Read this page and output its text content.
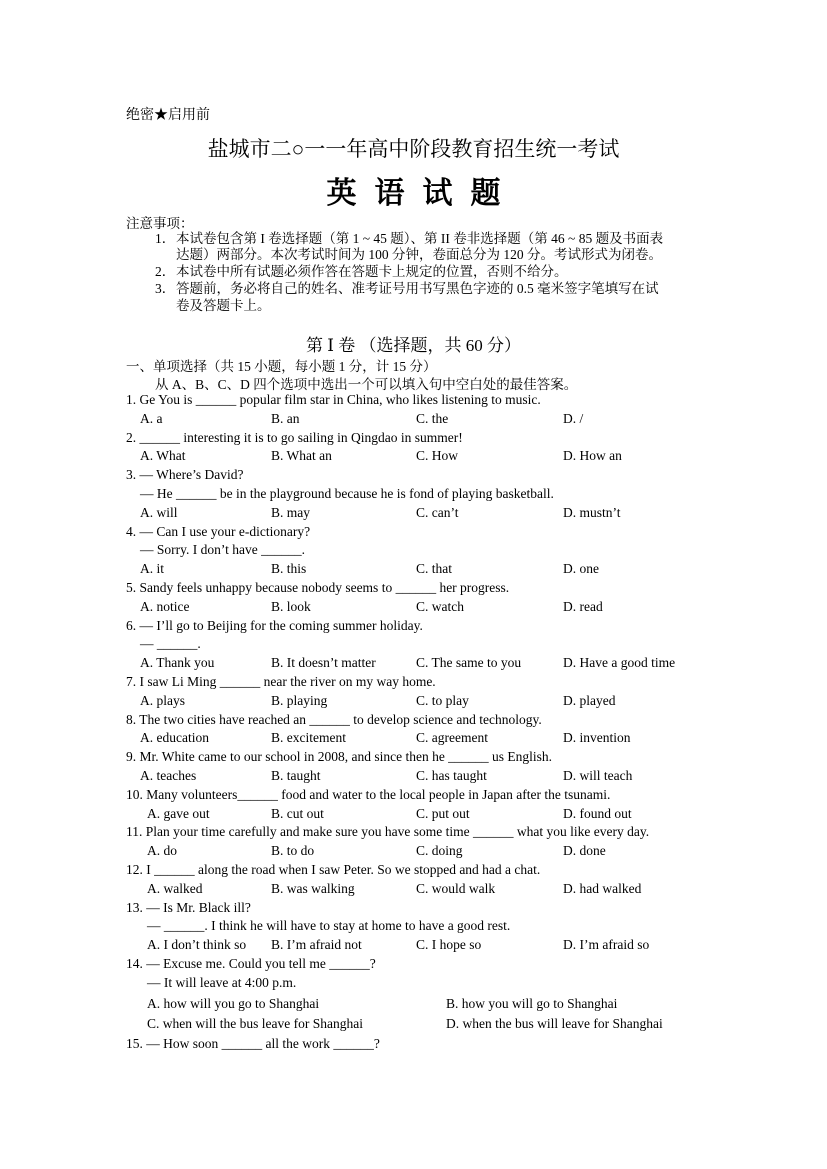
绝密★启用前
盐城市二○一一年高中阶段教育招生统一考试
英语试题
注意事项：
1． 本试卷包含第 I 卷选择题（第 1 ~ 45 题）、第 II 卷非选择题（第 46 ~ 85 题及书面表
达题）两部分。本次考试时间为 100 分钟，卷面总分为 120 分。考试形式为闭卷。
2． 本试卷中所有试题必须作答在答题卡上规定的位置，否则不给分。
3． 答题前，务必将自己的姓名、准考证号用书写黑色字迹的 0.5 毫米签字笔填写在试
卷及答题卡上。
第 Ⅰ 卷 （选择题，共 60 分）
一、单项选择（共 15 小题，每小题 1 分，计 15 分）
从 A、B、C、D 四个选项中选出一个可以填入句中空白处的最佳答案。
1. Ge You is ______ popular film star in China, who likes listening to music.
A. a	B. an	C. the	D. /
2. ______ interesting it is to go sailing in Qingdao in summer!
A. What	B. What an	C. How	D. How an
3. — Where’s David?
— He ______ be in the playground because he is fond of playing basketball.
A. will	B. may	C. can’t	D. mustn’t
4. — Can I use your e-dictionary?
— Sorry. I don’t have ______.
A. it	B. this	C. that	D. one
5. Sandy feels unhappy because nobody seems to ______ her progress.
A. notice	B. look	C. watch	D. read
6. — I’ll go to Beijing for the coming summer holiday.
— ______.
A. Thank you	B. It doesn’t matter	C. The same to you	D. Have a good time
7. I saw Li Ming ______ near the river on my way home.
A. plays	B. playing	C. to play	D. played
8. The two cities have reached an ______ to develop science and technology.
A. education	B. excitement	C. agreement	D. invention
9. Mr. White came to our school in 2008, and since then he ______ us English.
A. teaches	B. taught	C. has taught	D. will teach
10. Many volunteers______ food and water to the local people in Japan after the tsunami.
A. gave out	B. cut out	C. put out	D. found out
11. Plan your time carefully and make sure you have some time ______ what you like every day.
A. do	B. to do	C. doing	D. done
12. I ______ along the road when I saw Peter. So we stopped and had a chat.
A. walked	B. was walking	C. would walk	D. had walked
13. — Is Mr. Black ill?
— ______. I think he will have to stay at home to have a good rest.
A. I don’t think so B. I’m afraid not	C. I hope so	D. I’m afraid so
14. — Excuse me. Could you tell me ______?
— It will leave at 4:00 p.m.
A. how will you go to Shanghai	B. how you will go to Shanghai
C. when will the bus leave for Shanghai	D. when the bus will leave for Shanghai
15. — How soon ______ all the work ______?
